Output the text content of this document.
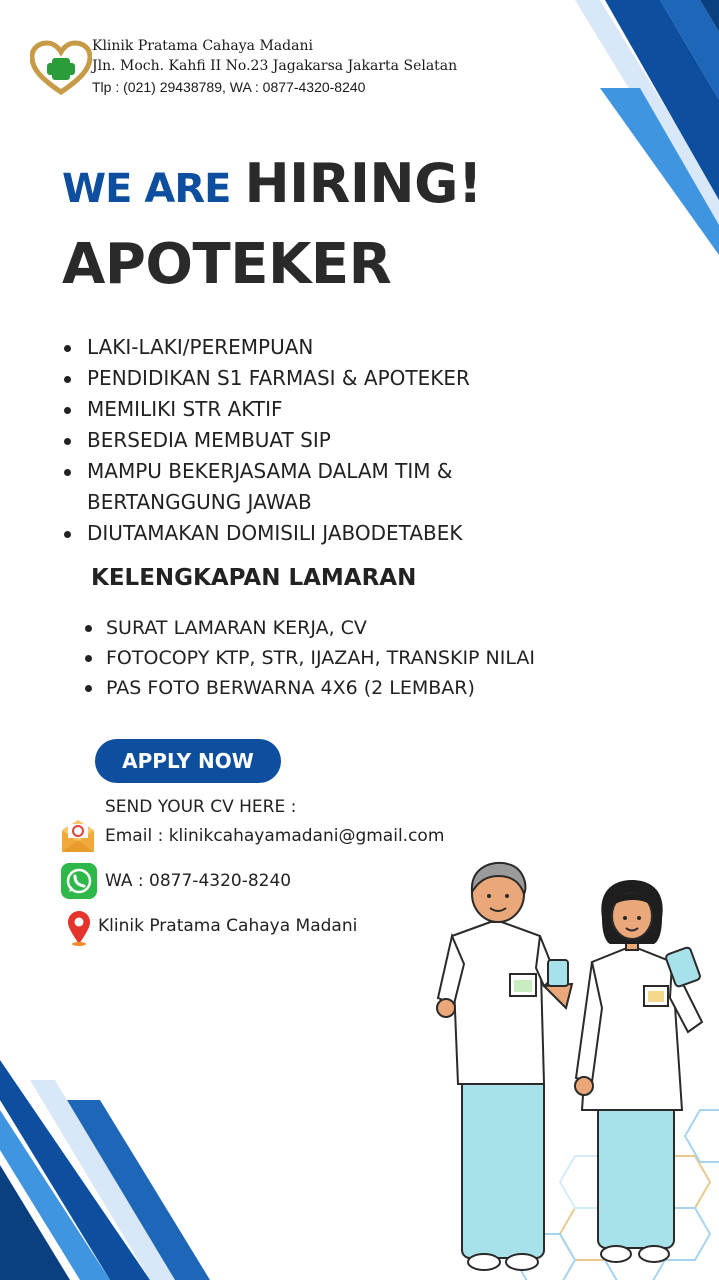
Klinik Pratama Cahaya Madani
Jln. Moch. Kahfi II No.23 Jagakarsa Jakarta Selatan
Tlp : (021) 29438789, WA : 0877-4320-8240
WE ARE HIRING!
APOTEKER
LAKI-LAKI/PEREMPUAN
PENDIDIKAN S1 FARMASI & APOTEKER
MEMILIKI STR AKTIF
BERSEDIA MEMBUAT SIP
MAMPU BEKERJASAMA DALAM TIM & BERTANGGUNG JAWAB
DIUTAMAKAN DOMISILI JABODETABEK
KELENGKAPAN LAMARAN
SURAT LAMARAN KERJA, CV
FOTOCOPY KTP, STR, IJAZAH, TRANSKIP NILAI
PAS FOTO BERWARNA 4X6 (2 LEMBAR)
APPLY NOW
SEND YOUR CV HERE :
Email : klinikcahayamadani@gmail.com
WA : 0877-4320-8240
Klinik Pratama Cahaya Madani
